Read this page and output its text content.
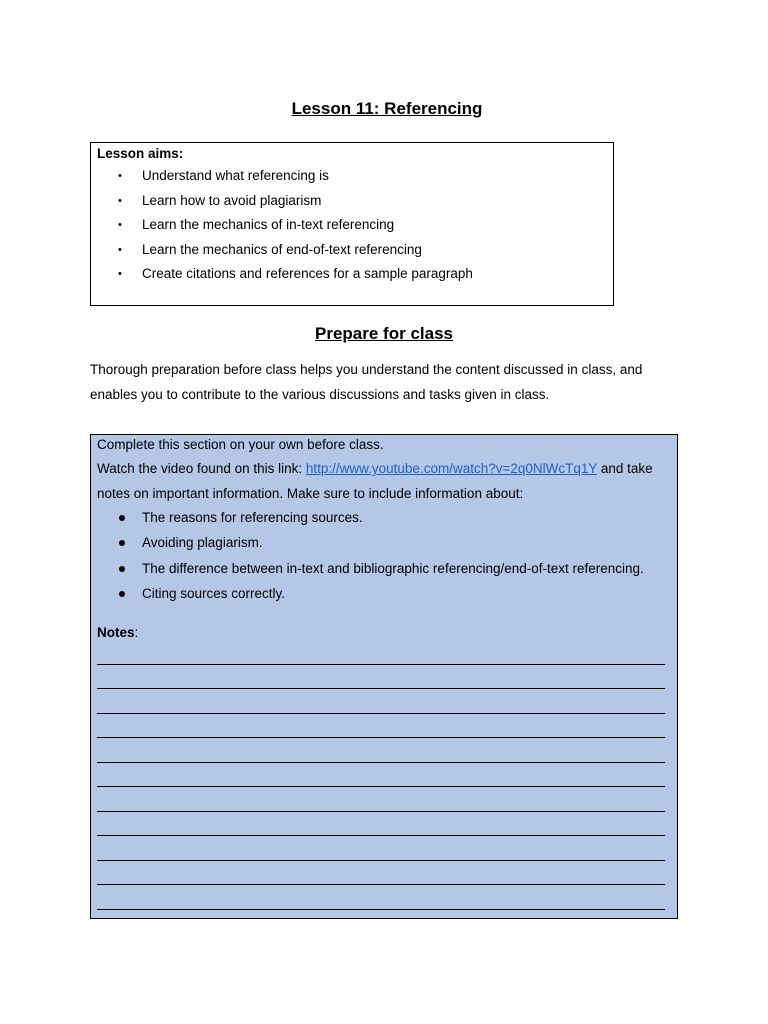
Lesson 11: Referencing
Lesson aims:
• Understand what referencing is
• Learn how to avoid plagiarism
• Learn the mechanics of in-text referencing
• Learn the mechanics of end-of-text referencing
• Create citations and references for a sample paragraph
Prepare for class

Thorough preparation before class helps you understand the content discussed in class, and
enables you to contribute to the various discussions and tasks given in class.

Complete this section on your own before class.
Watch the video found on this link: http://www.youtube.com/watch?v=2q0NlWcTq1Y and take
notes on important information. Make sure to include information about:
The reasons for referencing sources.
Avoiding plagiarism.
The difference between in-text and bibliographic referencing/end-of-text referencing.
Citing sources correctly.
Notes:
